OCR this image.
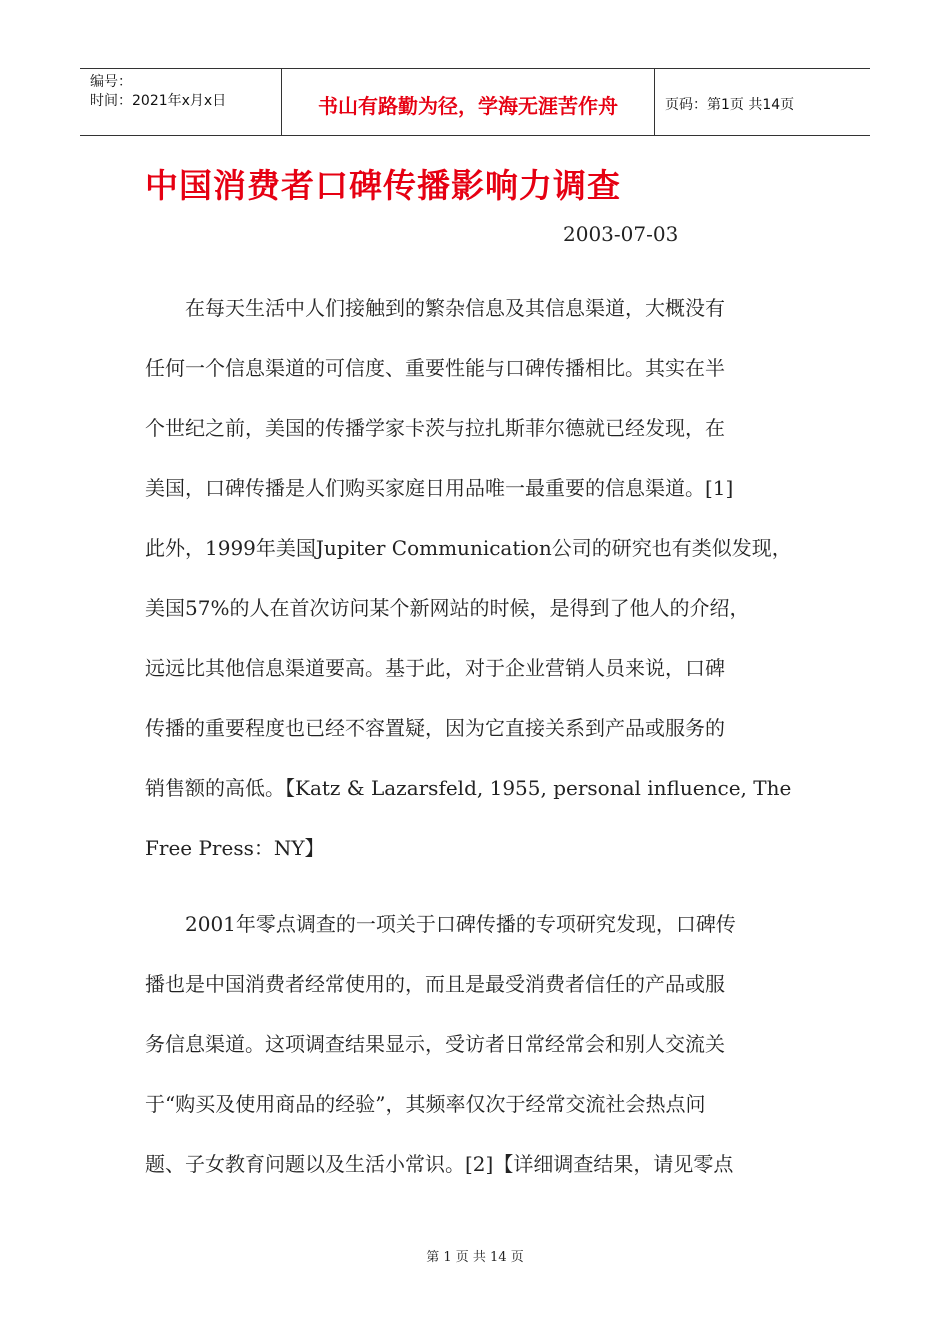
编号：
时间：2021年x月x日	书山有路勤为径，学海无涯苦作舟	页码：第1页 共14页
中国消费者口碑传播影响力调查
2003-07-03
　　在每天生活中人们接触到的繁杂信息及其信息渠道，大概没有
任何一个信息渠道的可信度、重要性能与口碑传播相比。其实在半
个世纪之前，美国的传播学家卡茨与拉扎斯菲尔德就已经发现，在
美国，口碑传播是人们购买家庭日用品唯一最重要的信息渠道。[1]
此外，1999年美国Jupiter Communication公司的研究也有类似发现，
美国57%的人在首次访问某个新网站的时候，是得到了他人的介绍，
远远比其他信息渠道要高。基于此，对于企业营销人员来说，口碑
传播的重要程度也已经不容置疑，因为它直接关系到产品或服务的
销售额的高低。【Katz & Lazarsfeld, 1955, personal influence, The
Free Press：NY】
　　2001年零点调查的一项关于口碑传播的专项研究发现，口碑传
播也是中国消费者经常使用的，而且是最受消费者信任的产品或服
务信息渠道。这项调查结果显示，受访者日常经常会和别人交流关
于“购买及使用商品的经验”，其频率仅次于经常交流社会热点问
题、子女教育问题以及生活小常识。[2]【详细调查结果，请见零点
第 1 页 共 14 页
